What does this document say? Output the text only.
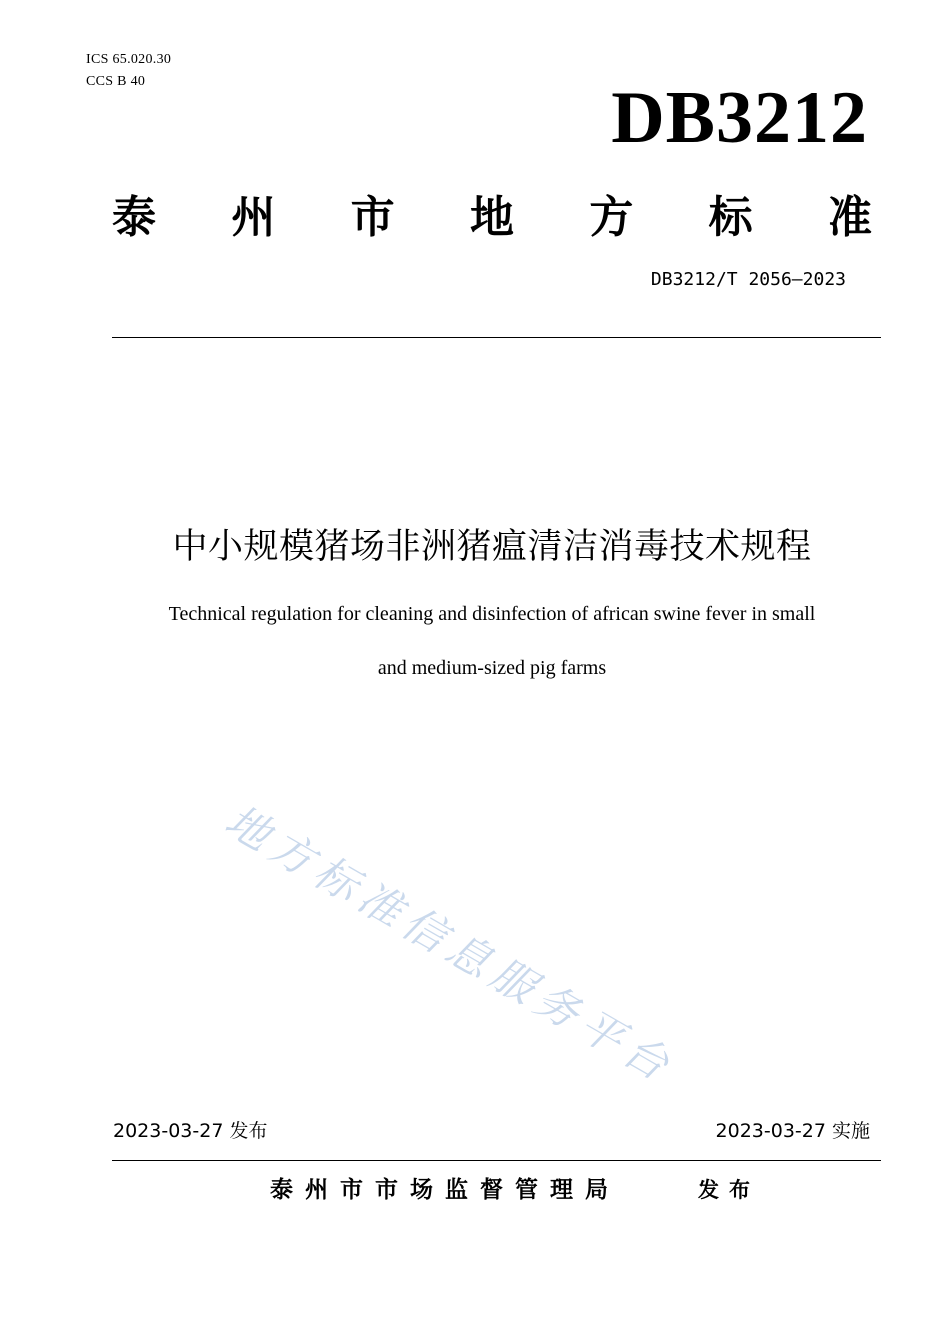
ICS 65.020.30
CCS B 40	DB3212
泰 州 市 地 方 标 准
DB3212/T 2056—2023
中小规模猪场非洲猪瘟清洁消毒技术规程
Technical regulation for cleaning and disinfection of african swine fever in small
and medium-sized pig farms
地方标准信息服务平台
2023-03-27 发布	2023-03-27 实施
泰州市市场监督管理局	发布
